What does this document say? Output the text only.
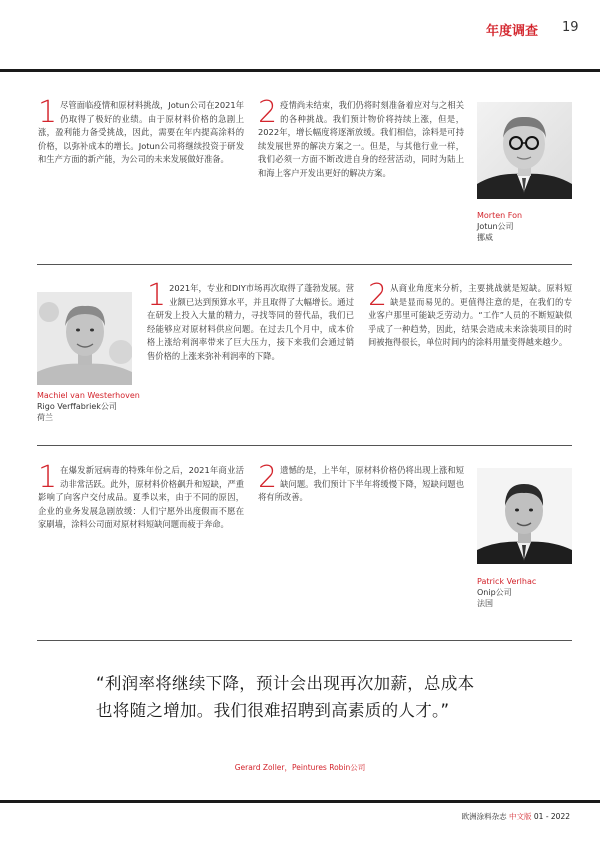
年度调查 19
1 尽管面临疫情和原材料挑战，Jotun公司在2021年仍取得了极好的业绩。由于原材料价格的急剧上涨，盈利能力备受挑战，因此，需要在年内提高涂料的价格，以弥补成本的增长。Jotun公司将继续投资于研发和生产方面的新产能，为公司的未来发展做好准备。
2 疫情尚未结束，我们仍将时刻准备着应对与之相关的各种挑战。我们预计物价将持续上涨，但是，2022年，增长幅度将逐渐放缓。我们相信，涂料是可持续发展世界的解决方案之一。但是，与其他行业一样，我们必须一方面不断改进自身的经营活动，同时为陆上和海上客户开发出更好的解决方案。
Morten Fon
Jotun公司
挪威
Machiel van Westerhoven
Rigo Verffabriek公司
荷兰
1 2021年，专业和DIY市场再次取得了蓬勃发展。营业额已达到预算水平，并且取得了大幅增长。通过在研发上投入大量的精力，寻找等同的替代品，我们已经能够应对原材料供应问题。在过去几个月中，成本价格上涨给利润率带来了巨大压力，接下来我们会通过销售价格的上涨来弥补利润率的下降。
2 从商业角度来分析，主要挑战就是短缺。原料短缺是显而易见的。更值得注意的是，在我们的专业客户那里可能缺乏劳动力。“工作”人员的不断短缺似乎成了一种趋势，因此，结果会造成未来涂装项目的时间被拖得很长，单位时间内的涂料用量变得越来越少。
1 在爆发新冠病毒的特殊年份之后，2021年商业活动非常活跃。此外，原材料价格飙升和短缺，严重影响了向客户交付成品。夏季以来，由于不同的原因，企业的业务发展急剧放缓：人们宁愿外出度假而不愿在家刷墙，涂料公司面对原材料短缺问题而疲于奔命。
2 遗憾的是，上半年，原材料价格仍将出现上涨和短缺问题。我们预计下半年将缓慢下降，短缺问题也将有所改善。
Patrick Verlhac
Onip公司
法国
“利润率将继续下降，预计会出现再次加薪，总成本
也将随之增加。我们很难招聘到高素质的人才。”
Gerard Zoller，Peintures Robin公司
欧洲涂料杂志 中文版 01 - 2022
